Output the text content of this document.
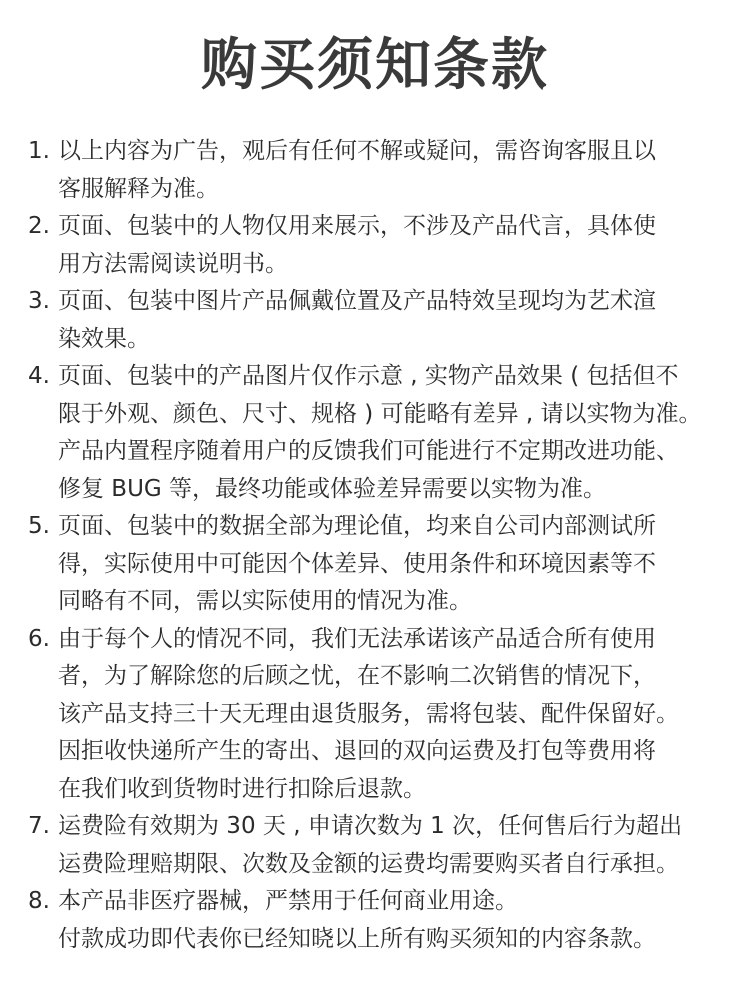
购买须知条款
1. 以上内容为广告，观后有任何不解或疑问，需咨询客服且以
客服解释为准。
2. 页面、包装中的人物仅用来展示，不涉及产品代言，具体使
用方法需阅读说明书。
3. 页面、包装中图片产品佩戴位置及产品特效呈现均为艺术渲
染效果。
4. 页面、包装中的产品图片仅作示意 , 实物产品效果 ( 包括但不
限于外观、颜色、尺寸、规格 ) 可能略有差异 , 请以实物为准。
产品内置程序随着用户的反馈我们可能进行不定期改进功能、
修复 BUG 等，最终功能或体验差异需要以实物为准。
5. 页面、包装中的数据全部为理论值，均来自公司内部测试所
得，实际使用中可能因个体差异、使用条件和环境因素等不
同略有不同，需以实际使用的情况为准。
6. 由于每个人的情况不同，我们无法承诺该产品适合所有使用
者，为了解除您的后顾之忧，在不影响二次销售的情况下，
该产品支持三十天无理由退货服务，需将包装、配件保留好。
因拒收快递所产生的寄出、退回的双向运费及打包等费用将
在我们收到货物时进行扣除后退款。
7. 运费险有效期为 30 天 , 申请次数为 1 次，任何售后行为超出
运费险理赔期限、次数及金额的运费均需要购买者自行承担。
8. 本产品非医疗器械，严禁用于任何商业用途。
付款成功即代表你已经知晓以上所有购买须知的内容条款。
